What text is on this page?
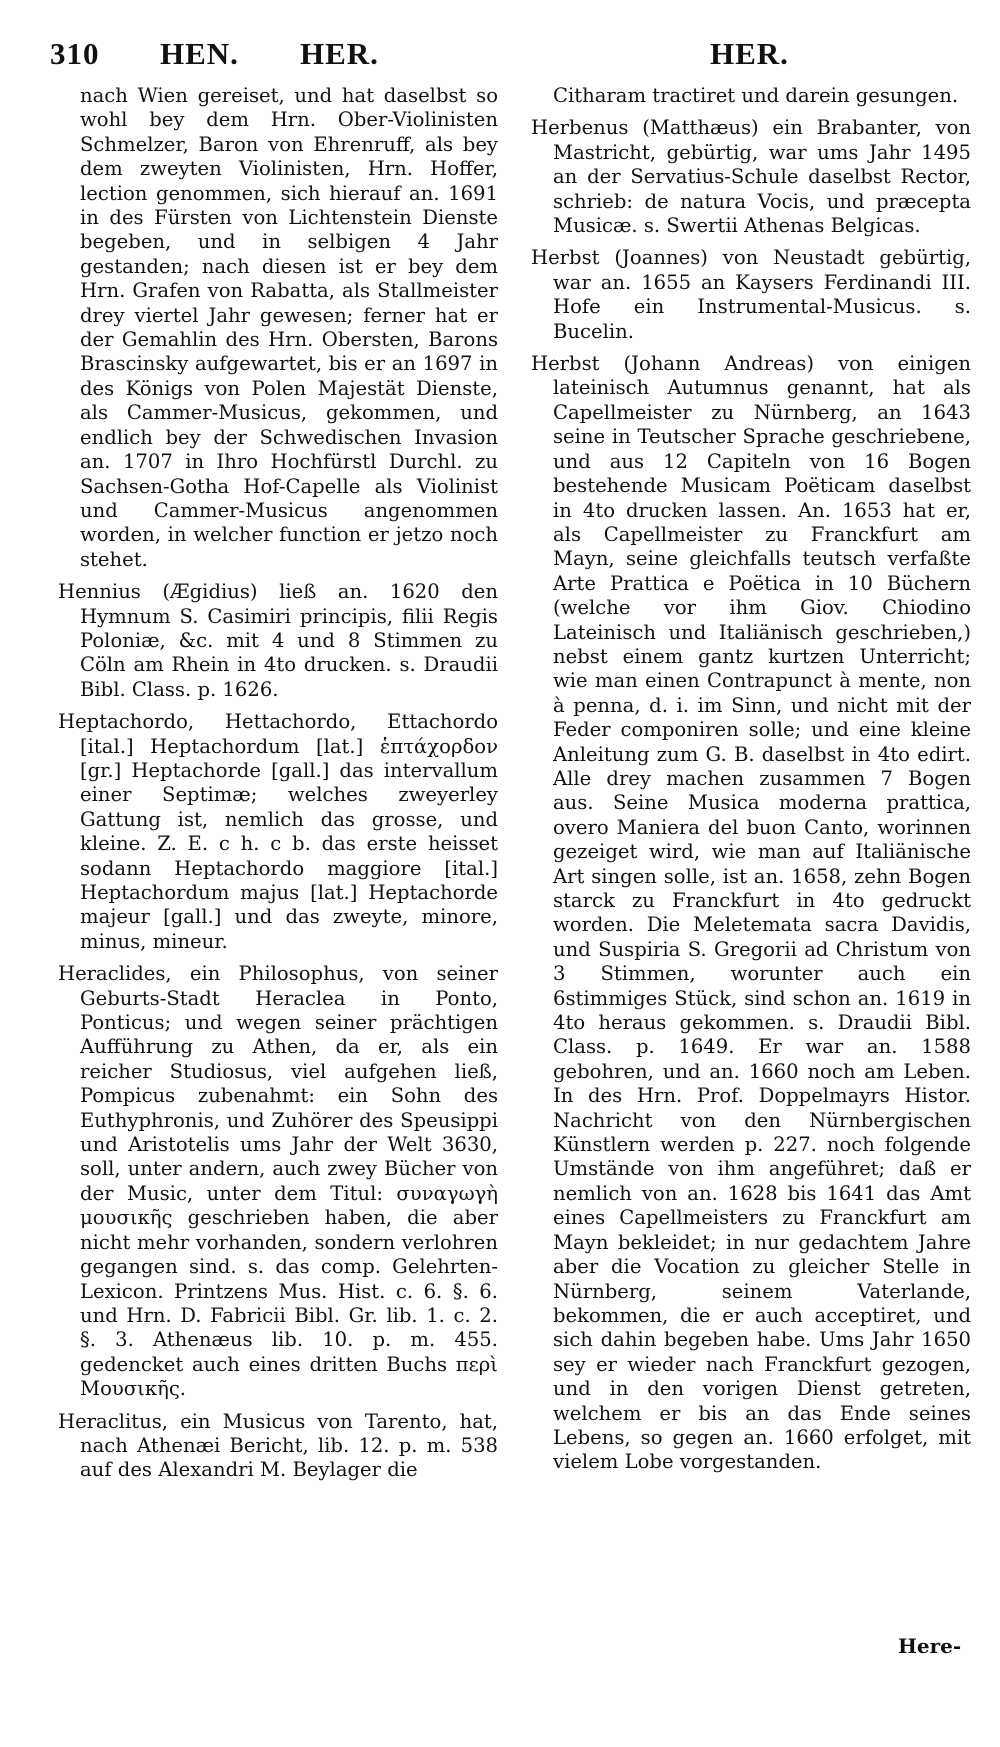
310 HEN. HER.	HER.

nach Wien gereiset, und hat daselbst so wohl bey dem Hrn. Ober-Violinisten Schmelzer, Baron von Ehrenruff, als bey dem zweyten Violinisten, Hrn. Hoffer, lection genommen, sich hierauf an. 1691 in des Fürsten von Lichtenstein Dienste begeben, und in selbigen 4 Jahr gestanden; nach diesen ist er bey dem Hrn. Grafen von Rabatta, als Stallmeister drey viertel Jahr gewesen; ferner hat er der Gemahlin des Hrn. Obersten, Barons Brascinsky aufgewartet, bis er an 1697 in des Königs von Polen Majestät Dienste, als Cammer-Musicus, gekommen, und endlich bey der Schwedischen Invasion an. 1707 in Ihro Hochfürstl Durchl. zu Sachsen-Gotha Hof-Capelle als Violinist und Cammer-Musicus angenommen worden, in welcher function er jetzo noch stehet.

Hennius (Ægidius) ließ an. 1620 den Hymnum S. Casimiri principis, filii Regis Poloniæ, &c. mit 4 und 8 Stimmen zu Cöln am Rhein in 4to drucken. s. Draudii Bibl. Class. p. 1626.

Heptachordo, Hettachordo, Ettachordo [ital.] Heptachordum [lat.] ἑπτάχορδον [gr.] Heptachorde [gall.] das intervallum einer Septimæ; welches zweyerley Gattung ist, nemlich das grosse, und kleine. Z. E. c h. c b. das erste heisset sodann Heptachordo maggiore [ital.] Heptachordum majus [lat.] Heptachorde majeur [gall.] und das zweyte, minore, minus, mineur.

Heraclides, ein Philosophus, von seiner Geburts-Stadt Heraclea in Ponto, Ponticus; und wegen seiner prächtigen Aufführung zu Athen, da er, als ein reicher Studiosus, viel aufgehen ließ, Pompicus zubenahmt: ein Sohn des Euthyphronis, und Zuhörer des Speusippi und Aristotelis ums Jahr der Welt 3630, soll, unter andern, auch zwey Bücher von der Music, unter dem Titul: συναγωγὴ μουσικῆς geschrieben haben, die aber nicht mehr vorhanden, sondern verlohren gegangen sind. s. das comp. Gelehrten-Lexicon. Printzens Mus. Hist. c. 6. §. 6. und Hrn. D. Fabricii Bibl. Gr. lib. 1. c. 2. §. 3. Athenæus lib. 10. p. m. 455. gedencket auch eines dritten Buchs περὶ Μουσικῆς.

Heraclitus, ein Musicus von Tarento, hat, nach Athenæi Bericht, lib. 12. p. m. 538 auf des Alexandri M. Beylager die

Citharam tractiret und darein gesungen.

Herbenus (Matthæus) ein Brabanter, von Mastricht, gebürtig, war ums Jahr 1495 an der Servatius-Schule daselbst Rector, schrieb: de natura Vocis, und præcepta Musicæ. s. Swertii Athenas Belgicas.

Herbst (Joannes) von Neustadt gebürtig, war an. 1655 an Kaysers Ferdinandi III. Hofe ein Instrumental-Musicus. s. Bucelin.

Herbst (Johann Andreas) von einigen lateinisch Autumnus genannt, hat als Capellmeister zu Nürnberg, an 1643 seine in Teutscher Sprache geschriebene, und aus 12 Capiteln von 16 Bogen bestehende Musicam Poëticam daselbst in 4to drucken lassen. An. 1653 hat er, als Capellmeister zu Franckfurt am Mayn, seine gleichfalls teutsch verfaßte Arte Prattica e Poëtica in 10 Büchern (welche vor ihm Giov. Chiodino Lateinisch und Italiänisch geschrieben,) nebst einem gantz kurtzen Unterricht; wie man einen Contrapunct à mente, non à penna, d. i. im Sinn, und nicht mit der Feder componiren solle; und eine kleine Anleitung zum G. B. daselbst in 4to edirt. Alle drey machen zusammen 7 Bogen aus. Seine Musica moderna prattica, overo Maniera del buon Canto, worinnen gezeiget wird, wie man auf Italiänische Art singen solle, ist an. 1658, zehn Bogen starck zu Franckfurt in 4to gedruckt worden. Die Meletemata sacra Davidis, und Suspiria S. Gregorii ad Christum von 3 Stimmen, worunter auch ein 6stimmiges Stück, sind schon an. 1619 in 4to heraus gekommen. s. Draudii Bibl. Class. p. 1649. Er war an. 1588 gebohren, und an. 1660 noch am Leben. In des Hrn. Prof. Doppelmayrs Histor. Nachricht von den Nürnbergischen Künstlern werden p. 227. noch folgende Umstände von ihm angeführet; daß er nemlich von an. 1628 bis 1641 das Amt eines Capellmeisters zu Franckfurt am Mayn bekleidet; in nur gedachtem Jahre aber die Vocation zu gleicher Stelle in Nürnberg, seinem Vaterlande, bekommen, die er auch acceptiret, und sich dahin begeben habe. Ums Jahr 1650 sey er wieder nach Franckfurt gezogen, und in den vorigen Dienst getreten, welchem er bis an das Ende seines Lebens, so gegen an. 1660 erfolget, mit vielem Lobe vorgestanden.

Here-
